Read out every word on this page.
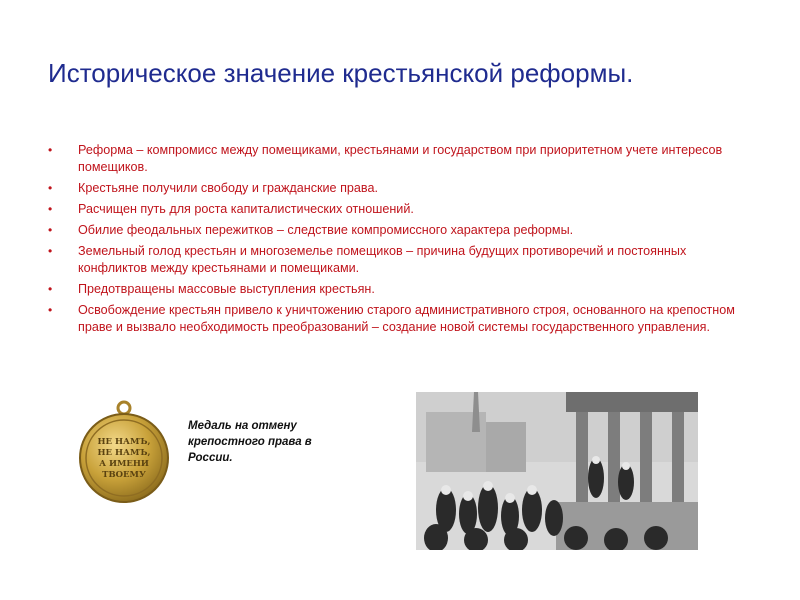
Историческое значение крестьянской реформы.
• Реформа – компромисс между помещиками, крестьянами и государством при приоритетном учете интересов помещиков.
• Крестьяне получили свободу и гражданские права.
• Расчищен путь для роста капиталистических отношений.
• Обилие феодальных пережитков – следствие компромиссного характера реформы.
• Земельный голод крестьян и многоземелье помещиков – причина будущих противоречий и постоянных конфликтов между крестьянами и помещиками.
• Предотвращены массовые выступления крестьян.
• Освобождение крестьян привело к уничтожению старого административного строя, основанного на крепостном праве и вызвало необходимость преобразований – создание новой системы государственного управления.
НЕ НАМЪ,
НЕ НАМЪ,
А ИМЕНИ
ТВОЕМУ
Медаль на отмену
крепостного права в
России.
